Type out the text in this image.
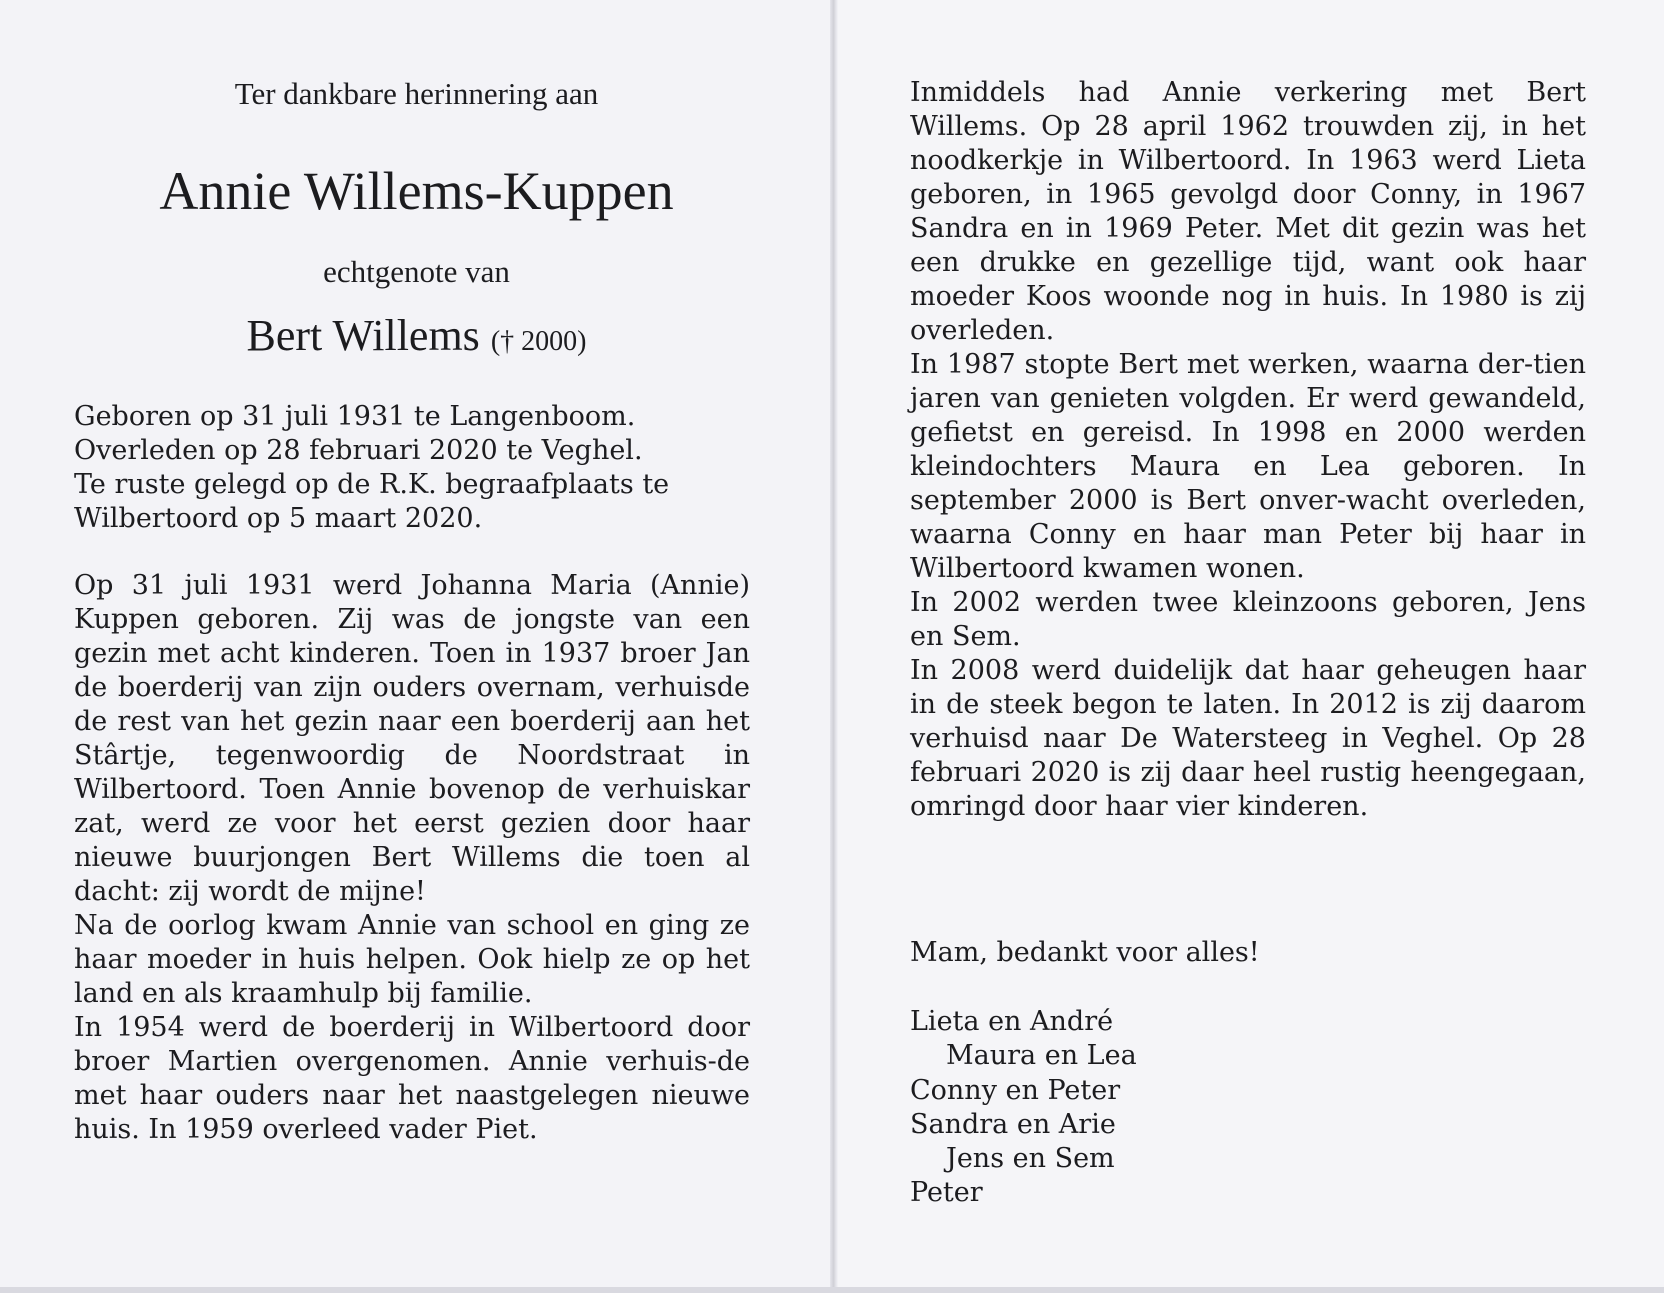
Ter dankbare herinnering aan
Annie Willems-Kuppen
echtgenote van
Bert Willems († 2000)
Geboren op 31 juli 1931 te Langenboom.
Overleden op 28 februari 2020 te Veghel.
Te ruste gelegd op de R.K. begraafplaats te
Wilbertoord op 5 maart 2020.

Op 31 juli 1931 werd Johanna Maria (Annie) Kuppen geboren. Zij was de jongste van een gezin met acht kinderen. Toen in 1937 broer Jan de boerderij van zijn ouders overnam, verhuisde de rest van het gezin naar een boerderij aan het Stârtje, tegenwoordig de Noordstraat in Wilbertoord. Toen Annie bovenop de verhuiskar zat, werd ze voor het eerst gezien door haar nieuwe buurjongen Bert Willems die toen al dacht: zij wordt de mijne!

Na de oorlog kwam Annie van school en ging ze haar moeder in huis helpen. Ook hielp ze op het land en als kraamhulp bij familie.

In 1954 werd de boerderij in Wilbertoord door broer Martien overgenomen. Annie verhuis-de met haar ouders naar het naastgelegen nieuwe huis. In 1959 overleed vader Piet.

Inmiddels had Annie verkering met Bert Willems. Op 28 april 1962 trouwden zij, in het noodkerkje in Wilbertoord. In 1963 werd Lieta geboren, in 1965 gevolgd door Conny, in 1967 Sandra en in 1969 Peter. Met dit gezin was het een drukke en gezellige tijd, want ook haar moeder Koos woonde nog in huis. In 1980 is zij overleden.

In 1987 stopte Bert met werken, waarna der-tien jaren van genieten volgden. Er werd gewandeld, gefietst en gereisd. In 1998 en 2000 werden kleindochters Maura en Lea geboren. In september 2000 is Bert onver-wacht overleden, waarna Conny en haar man Peter bij haar in Wilbertoord kwamen wonen.

In 2002 werden twee kleinzoons geboren, Jens en Sem.

In 2008 werd duidelijk dat haar geheugen haar in de steek begon te laten. In 2012 is zij daarom verhuisd naar De Watersteeg in Veghel. Op 28 februari 2020 is zij daar heel rustig heengegaan, omringd door haar vier kinderen.

Mam, bedankt voor alles!
Lieta en André
Maura en Lea
Conny en Peter
Sandra en Arie
Jens en Sem
Peter
